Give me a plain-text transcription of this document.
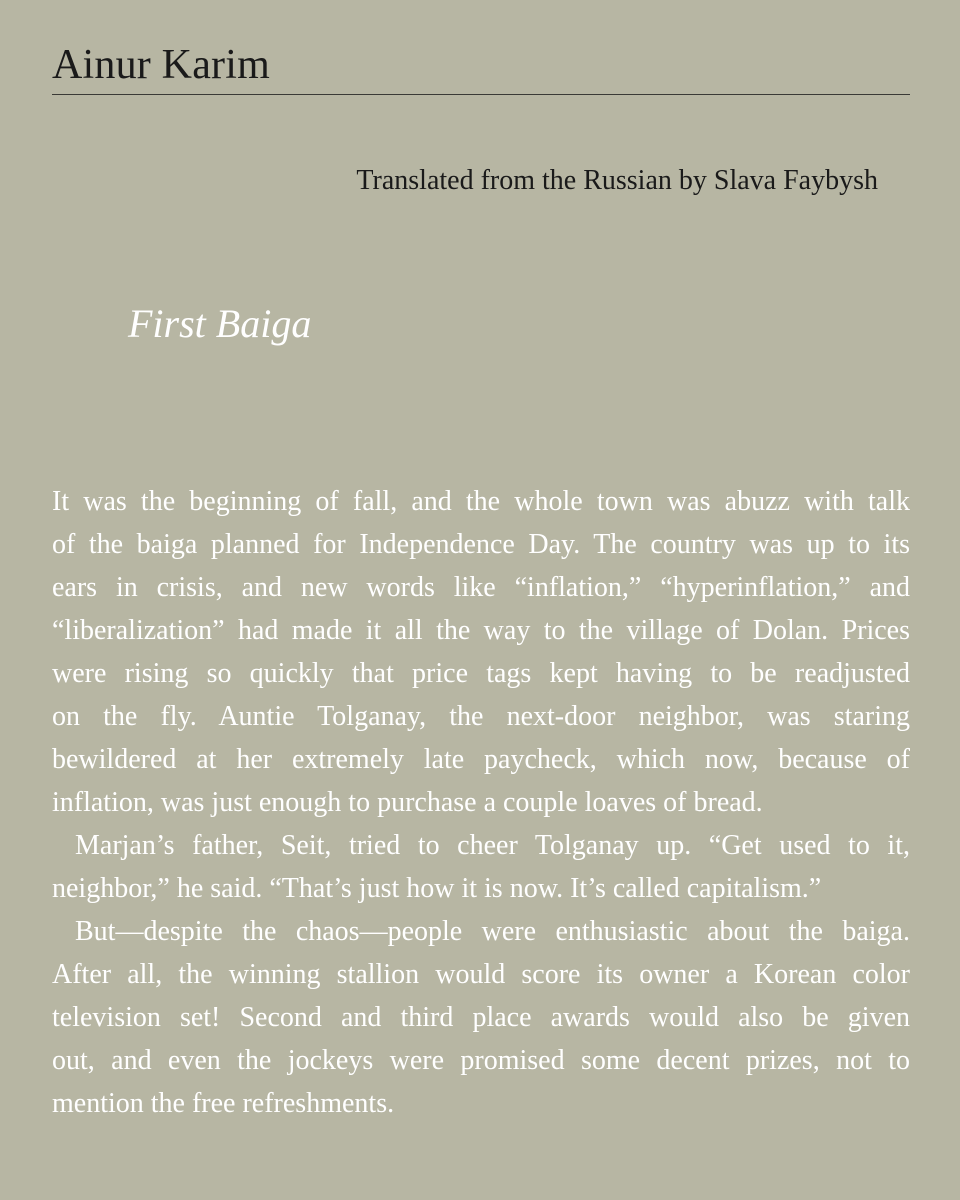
Ainur Karim

Translated from the Russian by Slava Faybysh

First Baiga
It was the beginning of fall, and the whole town was abuzz with talk
of the baiga planned for Independence Day. The country was up to its
ears in crisis, and new words like “inflation,” “hyperinflation,” and
“liberalization” had made it all the way to the village of Dolan. Prices
were rising so quickly that price tags kept having to be readjusted
on the fly. Auntie Tolganay, the next-door neighbor, was staring
bewildered at her extremely late paycheck, which now, because of
inflation, was just enough to purchase a couple loaves of bread.
Marjan’s father, Seit, tried to cheer Tolganay up. “Get used to it,
neighbor,” he said. “That’s just how it is now. It’s called capitalism.”
But—despite the chaos—people were enthusiastic about the baiga.
After all, the winning stallion would score its owner a Korean color
television set! Second and third place awards would also be given
out, and even the jockeys were promised some decent prizes, not to
mention the free refreshments.
